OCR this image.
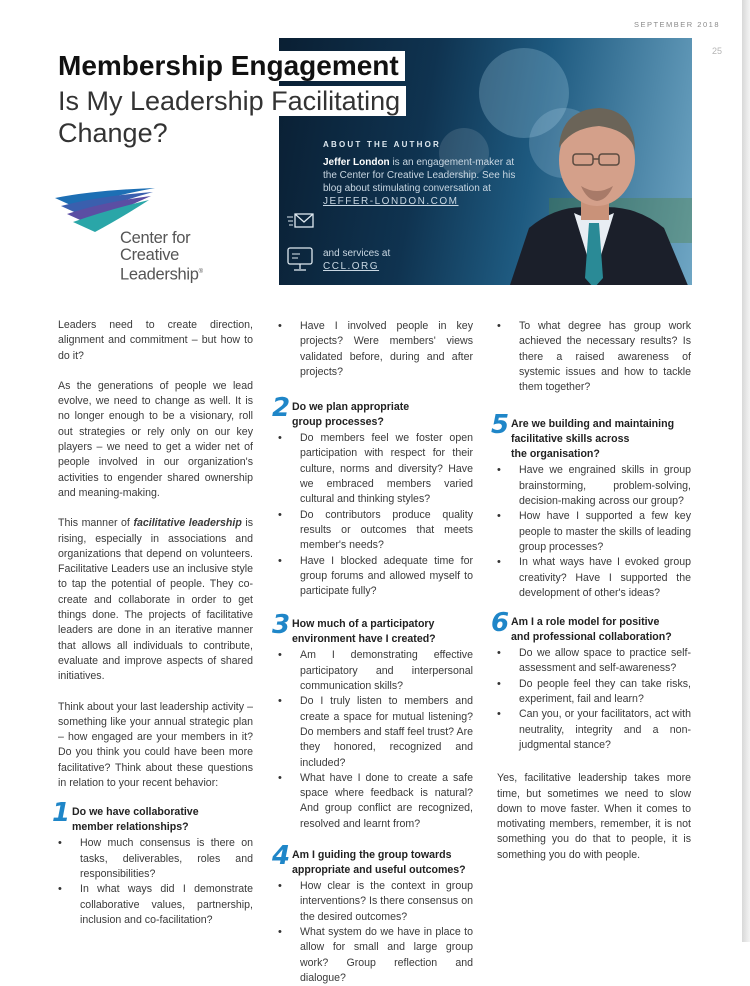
SEPTEMBER 2018
25
ABOUT THE AUTHOR
Jeffer London is an engagement-maker at the Center for Creative Leadership. See his blog about stimulating conversation at
JEFFER-LONDON.COM
and services at
CCL.ORG
Membership Engagement
Is My Leadership Facilitating
Change?
Center for
Creative
Leadership®

Leaders need to create direction, alignment and commitment – but how to do it?

As the generations of people we lead evolve, we need to change as well. It is no longer enough to be a visionary, roll out strategies or rely only on our key players – we need to get a wider net of people involved in our organization's activities to engender shared ownership and meaning-making.

This manner of facilitative leadership is rising, especially in associations and organizations that depend on volunteers. Facilitative Leaders use an inclusive style to tap the potential of people. They co-create and collaborate in order to get things done. The projects of facilitative leaders are done in an iterative manner that allows all individuals to contribute, evaluate and improve aspects of shared initiatives.

Think about your last leadership activity – something like your annual strategic plan – how engaged are your members in it? Do you think you could have been more facilitative? Think about these questions in relation to your recent behavior:

1 Do we have collaborative
member relationships?
• How much consensus is there on tasks, deliverables, roles and responsibilities?
• In what ways did I demonstrate collaborative values, partnership, inclusion and co-facilitation?
• Have I involved people in key projects? Were members' views validated before, during and after projects?
2 Do we plan appropriate
group processes?
• Do members feel we foster open participation with respect for their culture, norms and diversity? Have we embraced members varied cultural and thinking styles?
• Do contributors produce quality results or outcomes that meets member's needs?
• Have I blocked adequate time for group forums and allowed myself to participate fully?
3 How much of a participatory
environment have I created?
• Am I demonstrating effective participatory and interpersonal communication skills?
• Do I truly listen to members and create a space for mutual listening? Do members and staff feel trust? Are they honored, recognized and included?
• What have I done to create a safe space where feedback is natural? And group conflict are recognized, resolved and learnt from?
4 Am I guiding the group towards
appropriate and useful outcomes?
• How clear is the context in group interventions? Is there consensus on the desired outcomes?
• What system do we have in place to allow for small and large group work? Group reflection and dialogue?
• To what degree has group work achieved the necessary results? Is there a raised awareness of systemic issues and how to tackle them together?
5 Are we building and maintaining
facilitative skills across
the organisation?
• Have we engrained skills in group brainstorming, problem-solving, decision-making across our group?
• How have I supported a few key people to master the skills of leading group processes?
• In what ways have I evoked group creativity? Have I supported the development of other's ideas?
6 Am I a role model for positive
and professional collaboration?
• Do we allow space to practice self-assessment and self-awareness?
• Do people feel they can take risks, experiment, fail and learn?
• Can you, or your facilitators, act with neutrality, integrity and a non-judgmental stance?

Yes, facilitative leadership takes more time, but sometimes we need to slow down to move faster. When it comes to motivating members, remember, it is not something you do that to people, it is something you do with people.
